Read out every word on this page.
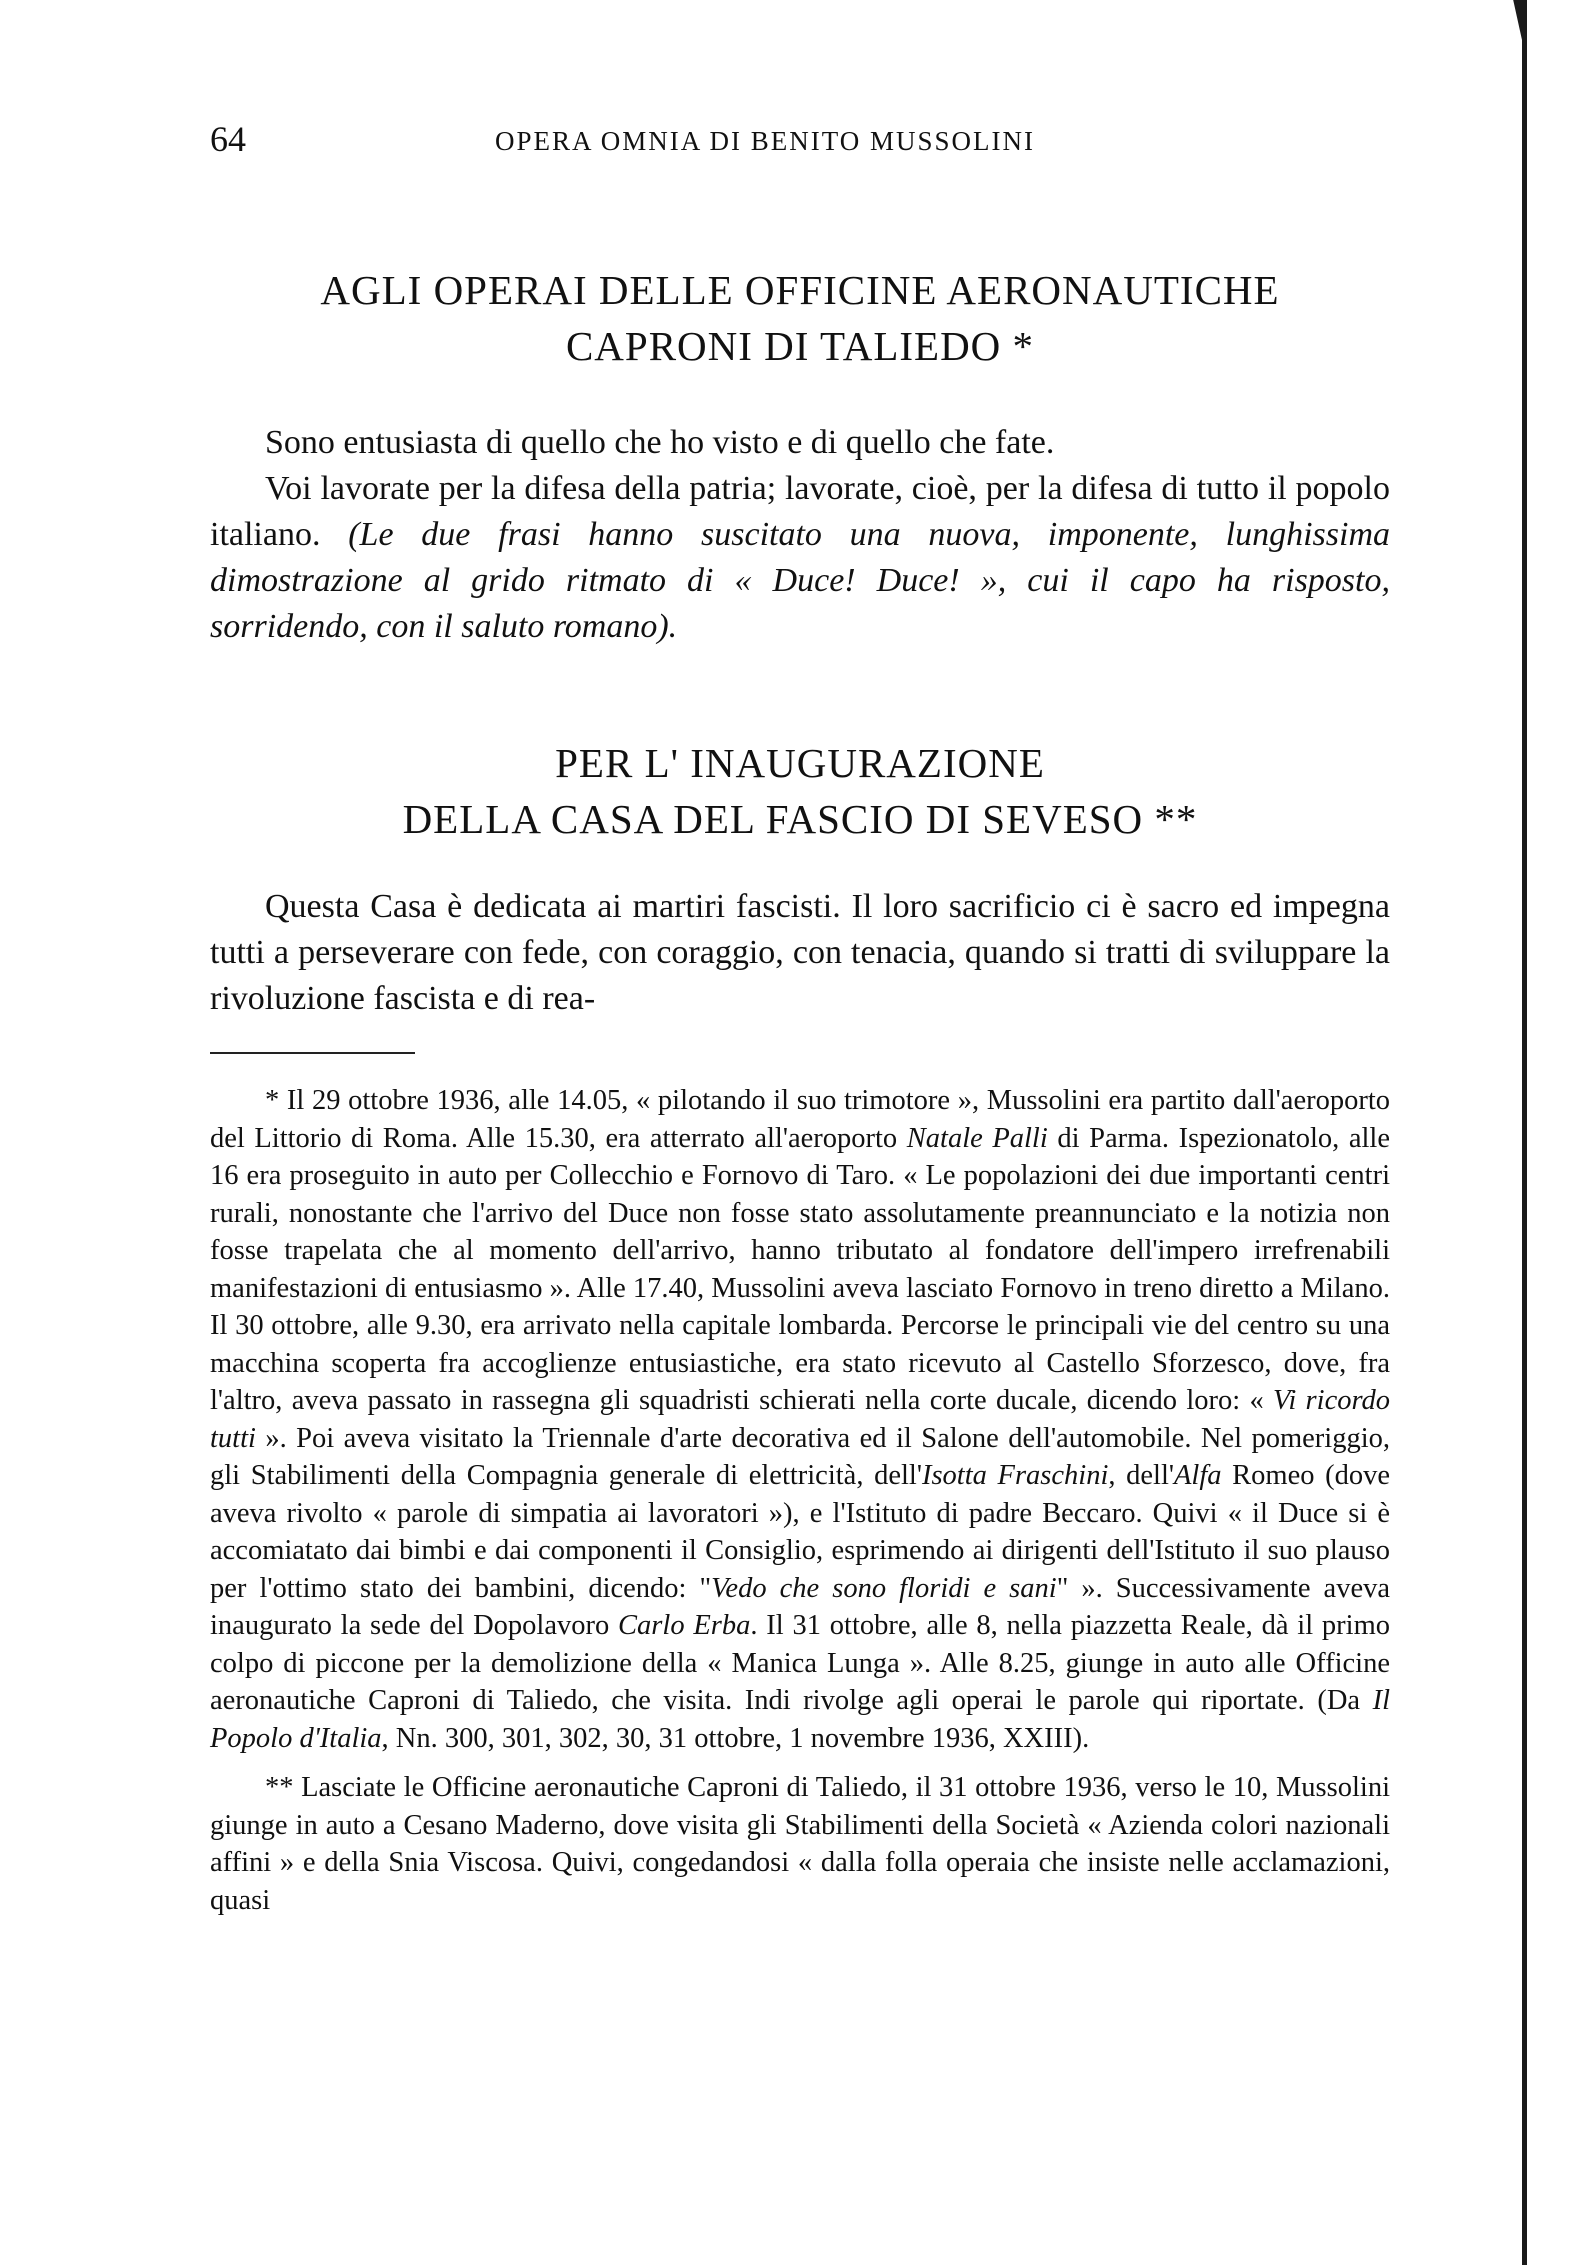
64	OPERA OMNIA DI BENITO MUSSOLINI
AGLI OPERAI DELLE OFFICINE AERONAUTICHE
CAPRONI DI TALIEDO *

Sono entusiasta di quello che ho visto e di quello che fate.

Voi lavorate per la difesa della patria; lavorate, cioè, per la difesa di tutto il popolo italiano. (Le due frasi hanno suscitato una nuova, imponente, lunghissima dimostrazione al grido ritmato di « Duce! Duce! », cui il capo ha risposto, sorridendo, con il saluto romano).

PER L' INAUGURAZIONE
DELLA CASA DEL FASCIO DI SEVESO **

Questa Casa è dedicata ai martiri fascisti. Il loro sacrificio ci è sacro ed impegna tutti a perseverare con fede, con coraggio, con tenacia, quando si tratti di sviluppare la rivoluzione fascista e di rea-

* Il 29 ottobre 1936, alle 14.05, « pilotando il suo trimotore », Mussolini era partito dall'aeroporto del Littorio di Roma. Alle 15.30, era atterrato all'aeroporto Natale Palli di Parma. Ispezionatolo, alle 16 era proseguito in auto per Collecchio e Fornovo di Taro. « Le popolazioni dei due importanti centri rurali, nonostante che l'arrivo del Duce non fosse stato assolutamente preannunciato e la notizia non fosse trapelata che al momento dell'arrivo, hanno tributato al fondatore dell'impero irrefrenabili manifestazioni di entusiasmo ». Alle 17.40, Mussolini aveva lasciato Fornovo in treno diretto a Milano. Il 30 ottobre, alle 9.30, era arrivato nella capitale lombarda. Percorse le principali vie del centro su una macchina scoperta fra accoglienze entusiastiche, era stato ricevuto al Castello Sforzesco, dove, fra l'altro, aveva passato in rassegna gli squadristi schierati nella corte ducale, dicendo loro: « Vi ricordo tutti ». Poi aveva visitato la Triennale d'arte decorativa ed il Salone dell'automobile. Nel pomeriggio, gli Stabilimenti della Compagnia generale di elettricità, dell'Isotta Fraschini, dell'Alfa Romeo (dove aveva rivolto « parole di simpatia ai lavoratori »), e l'Istituto di padre Beccaro. Quivi « il Duce si è accomiatato dai bimbi e dai componenti il Consiglio, esprimendo ai dirigenti dell'Istituto il suo plauso per l'ottimo stato dei bambini, dicendo: "Vedo che sono floridi e sani" ». Successivamente aveva inaugurato la sede del Dopolavoro Carlo Erba. Il 31 ottobre, alle 8, nella piazzetta Reale, dà il primo colpo di piccone per la demolizione della « Manica Lunga ». Alle 8.25, giunge in auto alle Officine aeronautiche Caproni di Taliedo, che visita. Indi rivolge agli operai le parole qui riportate. (Da Il Popolo d'Italia, Nn. 300, 301, 302, 30, 31 ottobre, 1 novembre 1936, XXIII).

** Lasciate le Officine aeronautiche Caproni di Taliedo, il 31 ottobre 1936, verso le 10, Mussolini giunge in auto a Cesano Maderno, dove visita gli Stabilimenti della Società « Azienda colori nazionali affini » e della Snia Viscosa. Quivi, congedandosi « dalla folla operaia che insiste nelle acclamazioni, quasi
